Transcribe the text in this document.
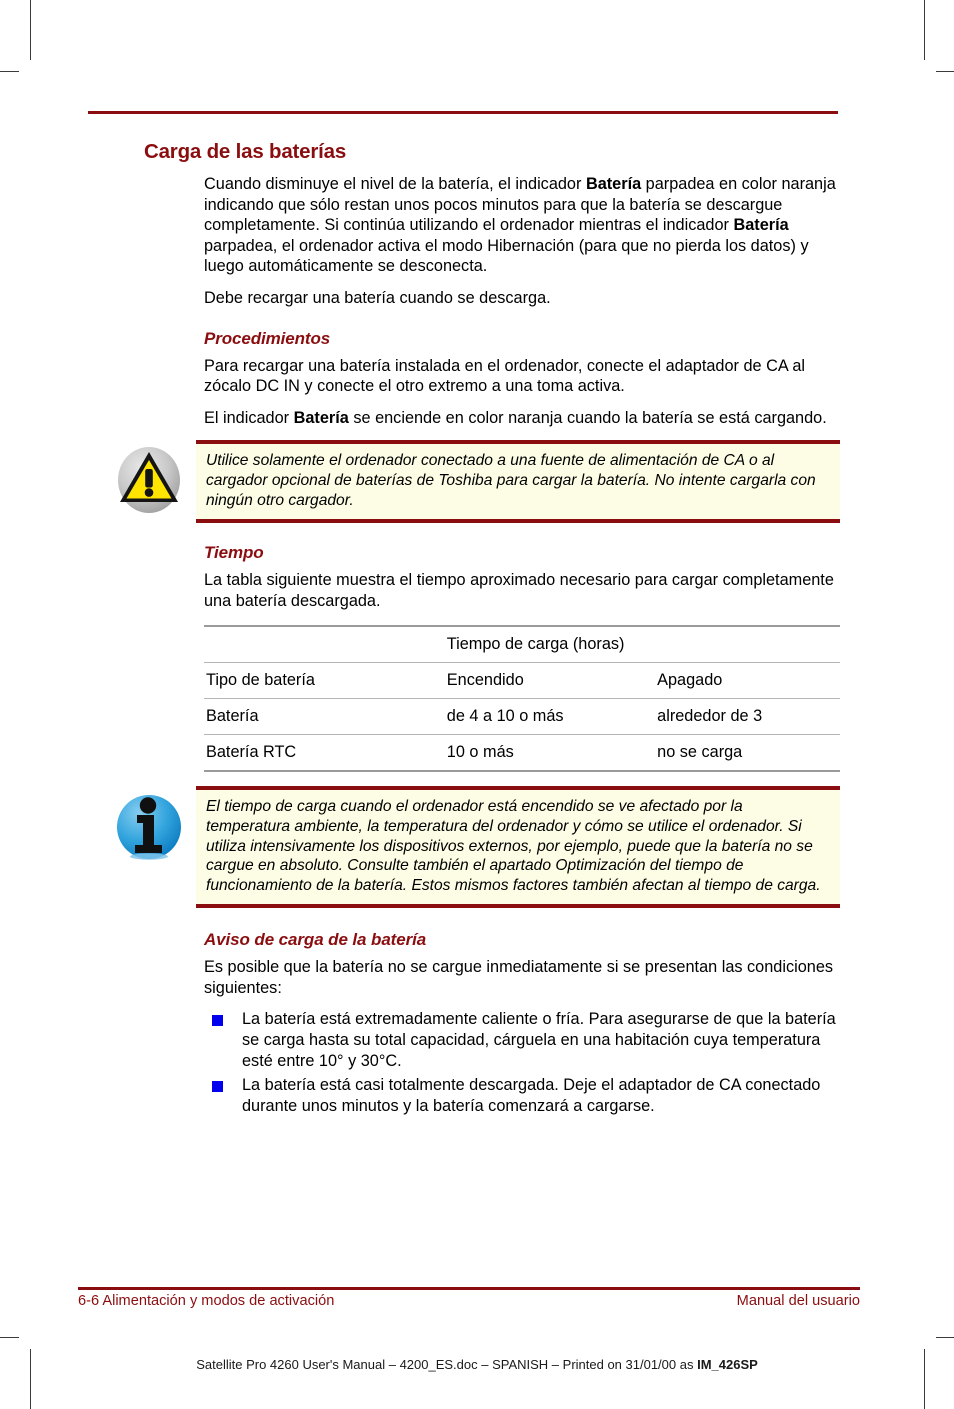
Carga de las baterías

Cuando disminuye el nivel de la batería, el indicador Batería parpadea en color naranja indicando que sólo restan unos pocos minutos para que la batería se descargue completamente. Si continúa utilizando el ordenador mientras el indicador Batería parpadea, el ordenador activa el modo Hibernación (para que no pierda los datos) y luego automáticamente se desconecta.

Debe recargar una batería cuando se descarga.

Procedimientos

Para recargar una batería instalada en el ordenador, conecte el adaptador de CA al zócalo DC IN y conecte el otro extremo a una toma activa.

El indicador Batería se enciende en color naranja cuando la batería se está cargando.

Utilice solamente el ordenador conectado a una fuente de alimentación de CA o al cargador opcional de baterías de Toshiba para cargar la batería. No intente cargarla con ningún otro cargador.

Tiempo

La tabla siguiente muestra el tiempo aproximado necesario para cargar completamente una batería descargada.

	Tiempo de carga (horas)	
Tipo de batería	Encendido	Apagado
Batería	de 4 a 10 o más	alrededor de 3
Batería RTC	10 o más	no se carga

El tiempo de carga cuando el ordenador está encendido se ve afectado por la temperatura ambiente, la temperatura del ordenador y cómo se utilice el ordenador. Si utiliza intensivamente los dispositivos externos, por ejemplo, puede que la batería no se cargue en absoluto. Consulte también el apartado Optimización del tiempo de funcionamiento de la batería. Estos mismos factores también afectan al tiempo de carga.

Aviso de carga de la batería

Es posible que la batería no se cargue inmediatamente si se presentan las condiciones siguientes:

La batería está extremadamente caliente o fría. Para asegurarse de que la batería se carga hasta su total capacidad, cárguela en una habitación cuya temperatura esté entre 10° y 30°C.
La batería está casi totalmente descargada. Deje el adaptador de CA conectado durante unos minutos y la batería comenzará a cargarse.
6-6 Alimentación y modos de activación	Manual del usuario
Satellite Pro 4260 User's Manual – 4200_ES.doc – SPANISH – Printed on 31/01/00 as IM_426SP
